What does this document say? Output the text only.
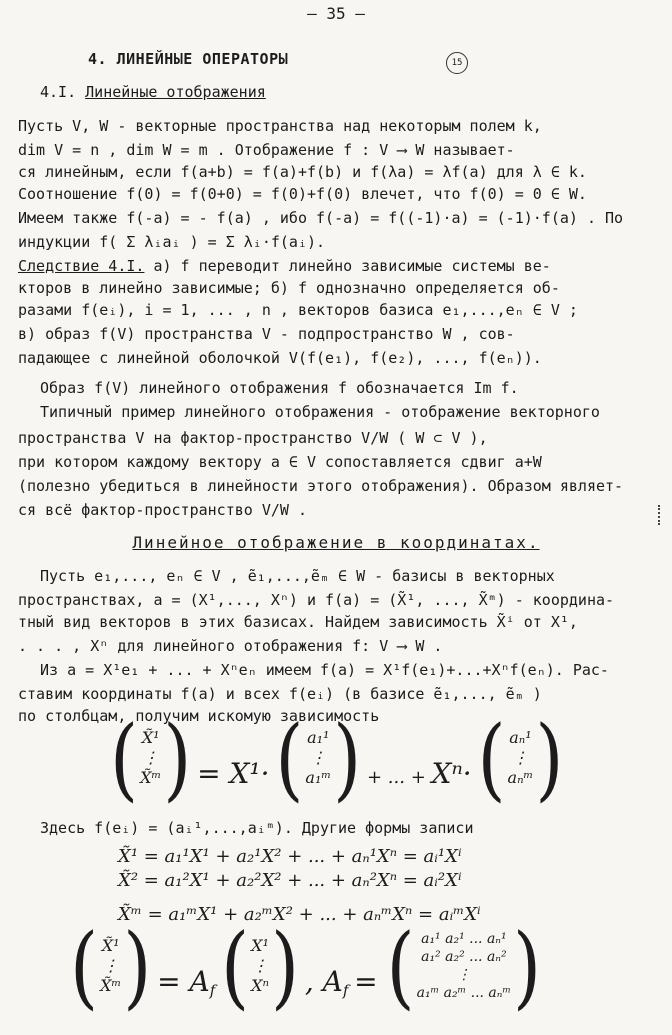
– 35 –
4. ЛИНЕЙНЫЕ ОПЕРАТОРЫ	15
4.I. Линейные отображения
Пусть V, W - векторные пространства над некоторым полем k,
dim V = n , dim W = m . Отображение f : V ⟶ W называет-
ся линейным, если f(a+b) = f(a)+f(b) и f(λa) = λf(a) для λ ∈ k.
Соотношение f(0) = f(0+0) = f(0)+f(0) влечет, что f(0) = 0 ∈ W.
Имеем также f(-a) = - f(a) , ибо f(-a) = f((-1)·a) = (-1)·f(a) . По
индукции f( Σ λᵢaᵢ ) = Σ λᵢ·f(aᵢ).
Следствие 4.I. а) f переводит линейно зависимые системы ве-
кторов в линейно зависимые; б) f однозначно определяется об-
разами f(eᵢ), i = 1, ... , n , векторов базиса e₁,...,eₙ ∈ V ;
в) образ f(V) пространства V - подпространство W , сов-
падающее с линейной оболочкой V(f(e₁), f(e₂), ..., f(eₙ)).
Образ f(V) линейного отображения f обозначается Im f.
Типичный пример линейного отображения - отображение векторного
пространства V на фактор-пространство V/W ( W ⊂ V ),
при котором каждому вектору a ∈ V сопоставляется сдвиг a+W
(полезно убедиться в линейности этого отображения). Образом являет-
ся всё фактор-пространство V/W .
Линейное отображение в координатах.
Пусть e₁,..., eₙ ∈ V , ẽ₁,...,ẽₘ ∈ W - базисы в векторных
пространствах, a = (X¹,..., Xⁿ) и f(a) = (X̃¹, ..., X̃ᵐ) - координа-
тный вид векторов в этих базисах. Найдем зависимость X̃ⁱ от X¹,
. . . , Xⁿ для линейного отображения f: V ⟶ W .
Из a = X¹e₁ + ... + Xⁿeₙ имеем f(a) = X¹f(e₁)+...+Xⁿf(eₙ). Рас-
ставим координаты f(a) и всех f(eᵢ) (в базисе ẽ₁,..., ẽₘ )
по столбцам, получим искомую зависимость
( X̃¹
⋮
X̃ᵐ ) = X¹· ( a₁¹
⋮
a₁ᵐ ) + ... + Xⁿ· ( aₙ¹
⋮
aₙᵐ )
Здесь f(eᵢ) = (aᵢ¹,...,aᵢᵐ). Другие формы записи
X̃¹ = a₁¹X¹ + a₂¹X² + ... + aₙ¹Xⁿ = aᵢ¹Xⁱ
X̃² = a₁²X¹ + a₂²X² + ... + aₙ²Xⁿ = aᵢ²Xⁱ
X̃ᵐ = a₁ᵐX¹ + a₂ᵐX² + ... + aₙᵐXⁿ = aᵢᵐXⁱ
( X̃¹
⋮
X̃ᵐ ) = $A_f$ ( X¹
⋮
Xⁿ ) , $A_f$ = ( a₁¹ a₂¹ ... aₙ¹
a₁² a₂² ... aₙ²
⋮
a₁ᵐ a₂ᵐ ... aₙᵐ )
